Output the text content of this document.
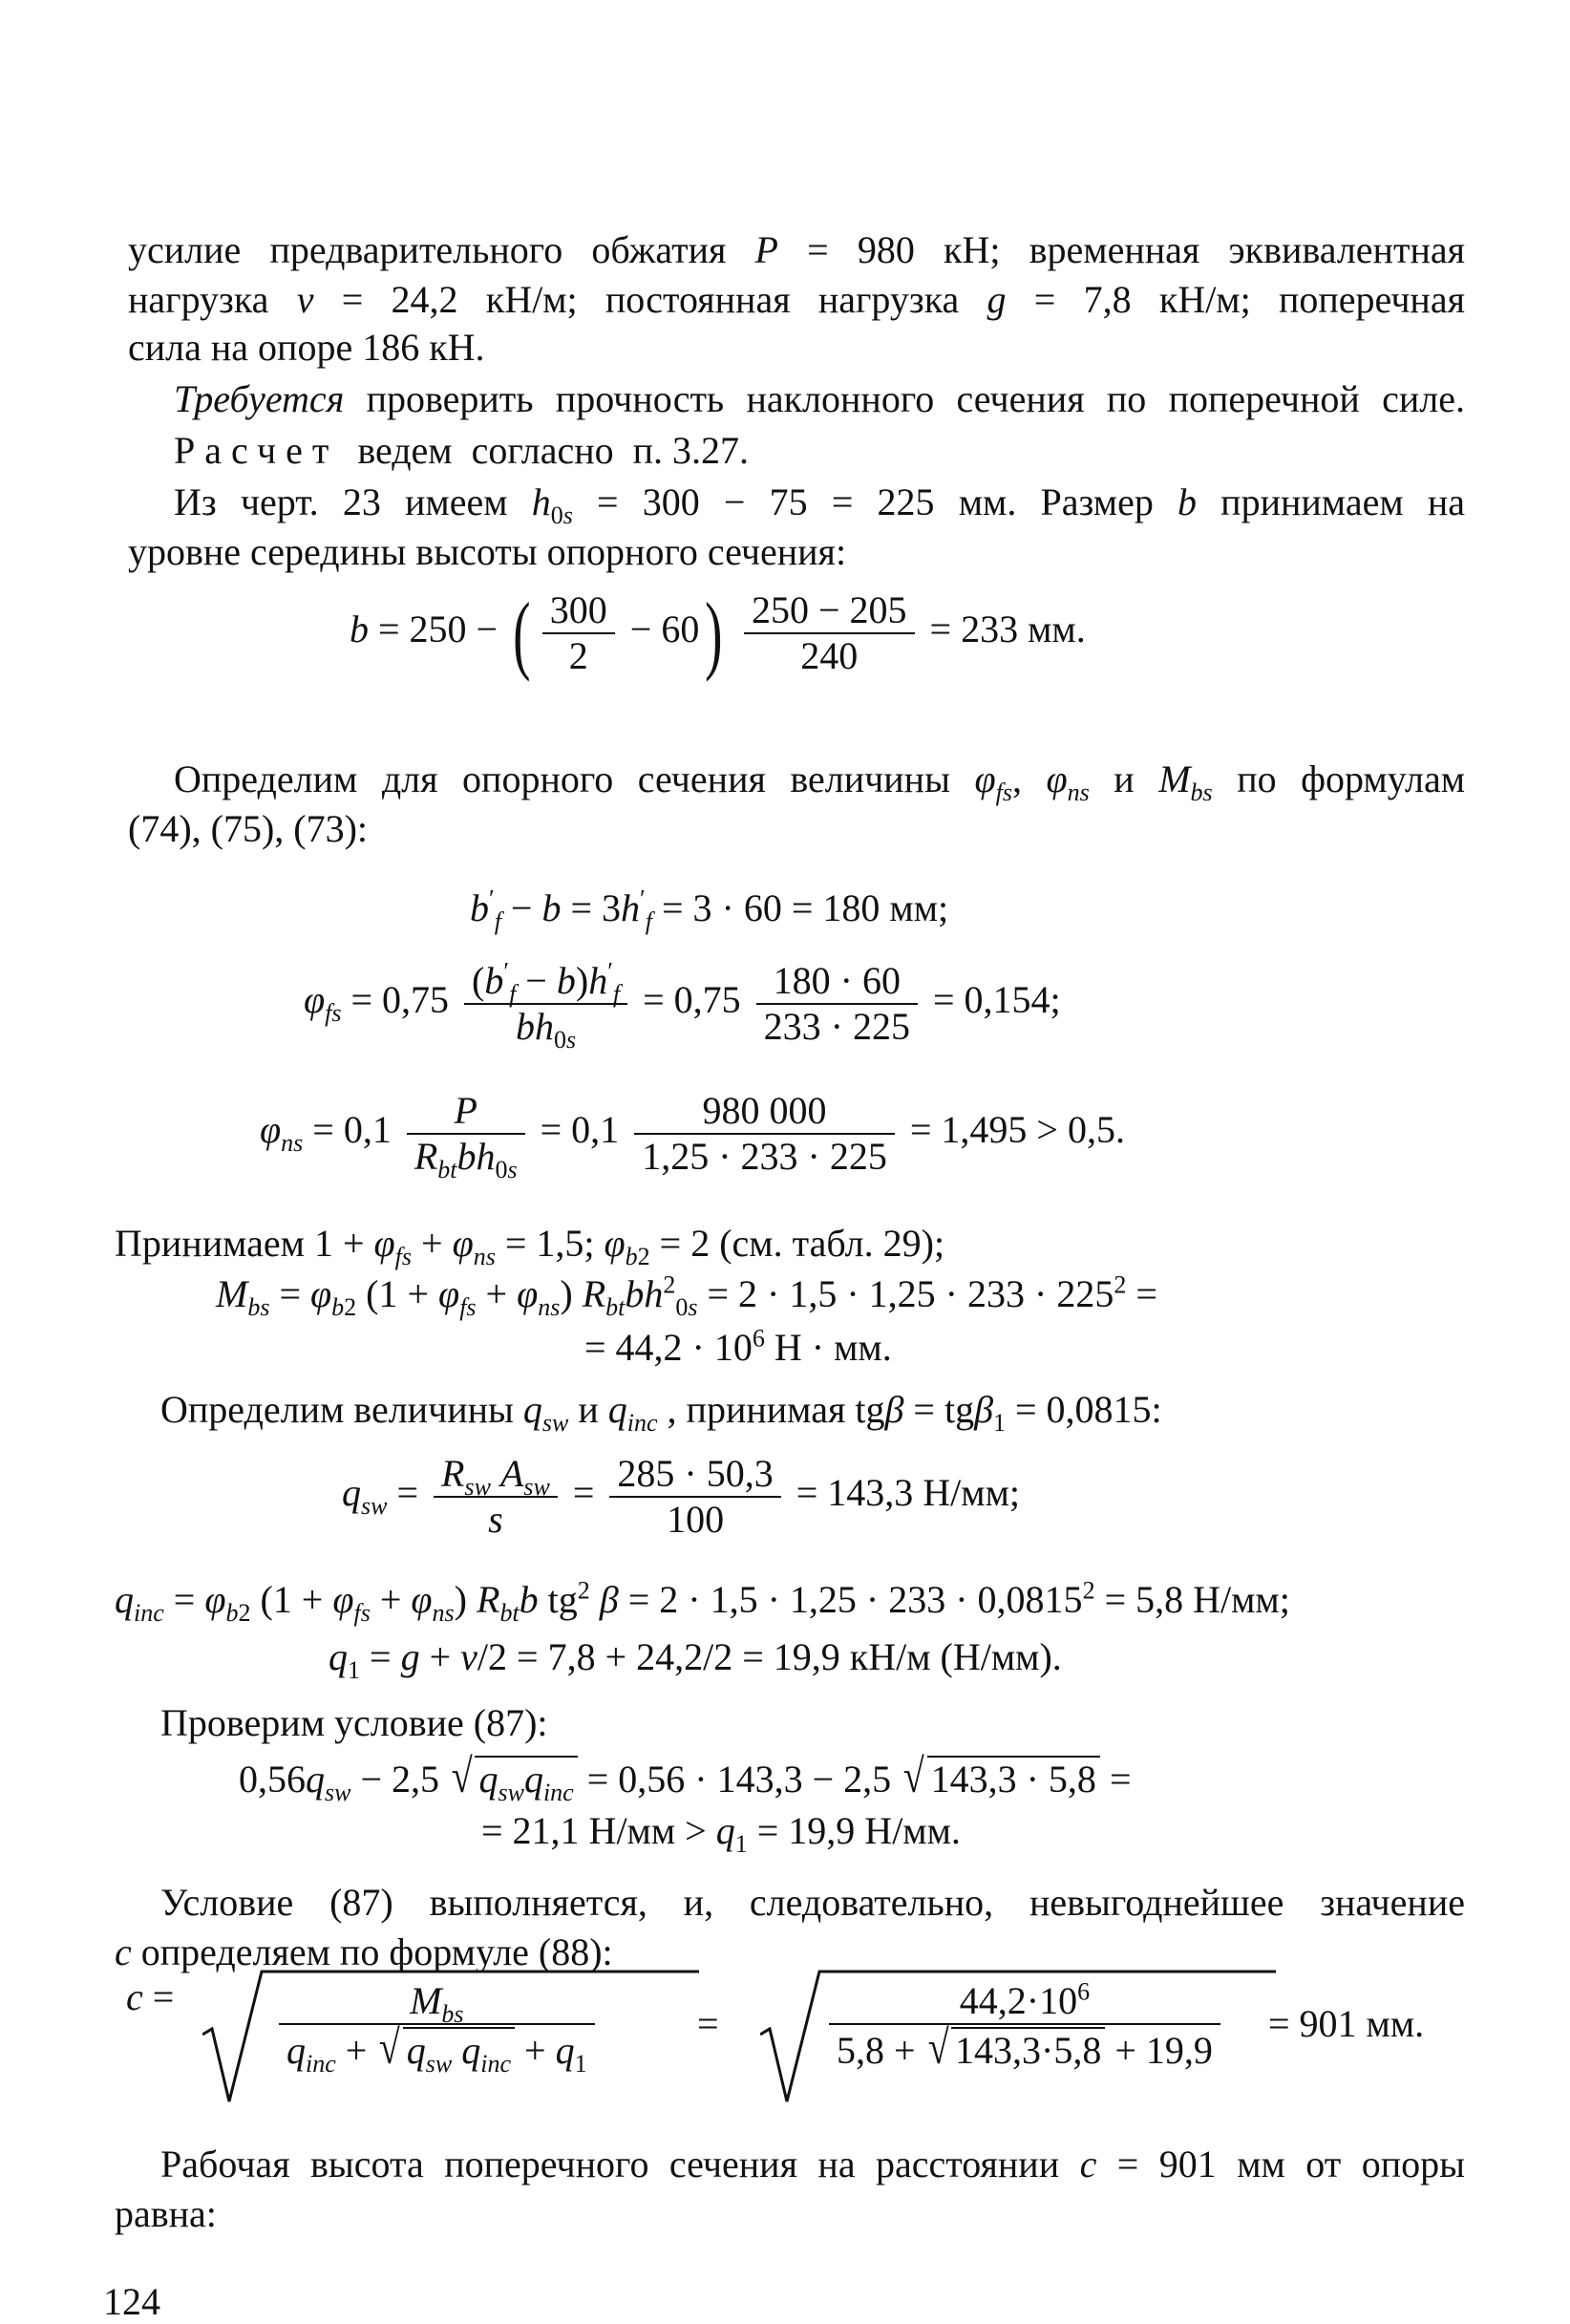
усилие предварительного обжатия P = 980 кН; временная эквивалентная
нагрузка v = 24,2 кН/м; постоянная нагрузка g = 7,8 кН/м; поперечная
сила на опоре 186 кН.
Требуется проверить прочность наклонного сечения по поперечной силе.
Расчет  ведем  согласно  п. 3.27.
Из черт. 23 имеем $h_{0s} = 300 - 75 = 225$ мм. Размер b принимаем на
уровне середины высоты опорного сечения:
b = 250 − ( $\frac{300}{2} - 60) \frac{250 - 205}{240} = 233$ мм.
Определим для опорного сечения величины $\varphi_{fs}$, $\varphi_{ns}$ и $M_{bs}$ по формулам
(74), (75), (73):
$b'_f - b = 3h'_f = 3 \cdot 60 = 180$ мм;
$\varphi_{fs} = 0,75 \frac{(b'_f - b)h'_f}{bh_{0s}} = 0,75 \frac{180 \cdot 60}{233 \cdot 225} = 0,154$;
$\varphi_{ns} = 0,1 \frac{P}{R_{bt}bh_{0s}} = 0,1 \frac{980 000}{1,25 \cdot 233 \cdot 225} = 1,495 > 0,5$.
Принимаем $1 + \varphi_{fs} + \varphi_{ns} = 1,5$; $\varphi_{b2} = 2$ (см. табл. 29);
$M_{bs} = \varphi_{b2}$ $(1 + \varphi_{fs} + \varphi_{ns})$ $R_{bt}bh^2_{0s} = 2 \cdot 1,5 \cdot 1,25 \cdot 233 \cdot 225^2$ =
= $44,2 \cdot 10^6$ Н · мм.
Определим величины $q_{sw}$ и $q_{inc}$ , принимая tgβ = tgβ$_1$ = 0,0815:
$q_{sw} = \frac{R_{sw} A_{sw}}{s} = \frac{285 \cdot 50,3}{100} = 143,3$ Н/мм;
$q_{inc} = \varphi_{b2}$ $(1 + \varphi_{fs} + \varphi_{ns})$ $R_{bt}b$ $tg^2$ $\beta = 2 \cdot 1,5 \cdot 1,25 \cdot 233 \cdot 0,0815^2 = 5,8$ Н/мм;
$q_1 = g + v/2 = 7,8 + 24,2/2 = 19,9$ кН/м (Н/мм).
Проверим условие (87):
$0,56q_{sw} - 2,5$ √ $q_{sw}q_{inc} = 0,56 \cdot 143,3 - 2,5$ √ 143,3 · 5,8 =
= 21,1 $Н/мм > q_1 = 19,9$ Н/мм.
Условие (87) выполняется, и, следовательно, невыгоднейшее значение
c определяем по формуле (88):
c =	$\frac{M_{bs}}{q_{inc} + √ q_{sw} q_{inc} + q_1}$	=	$\frac{44,2\cdot 10^6}{5,8 + √ 143,3\cdot 5,8 + 19,9} = 901$ мм.
Рабочая высота поперечного сечения на расстоянии c = 901 мм от опоры
равна:
124
